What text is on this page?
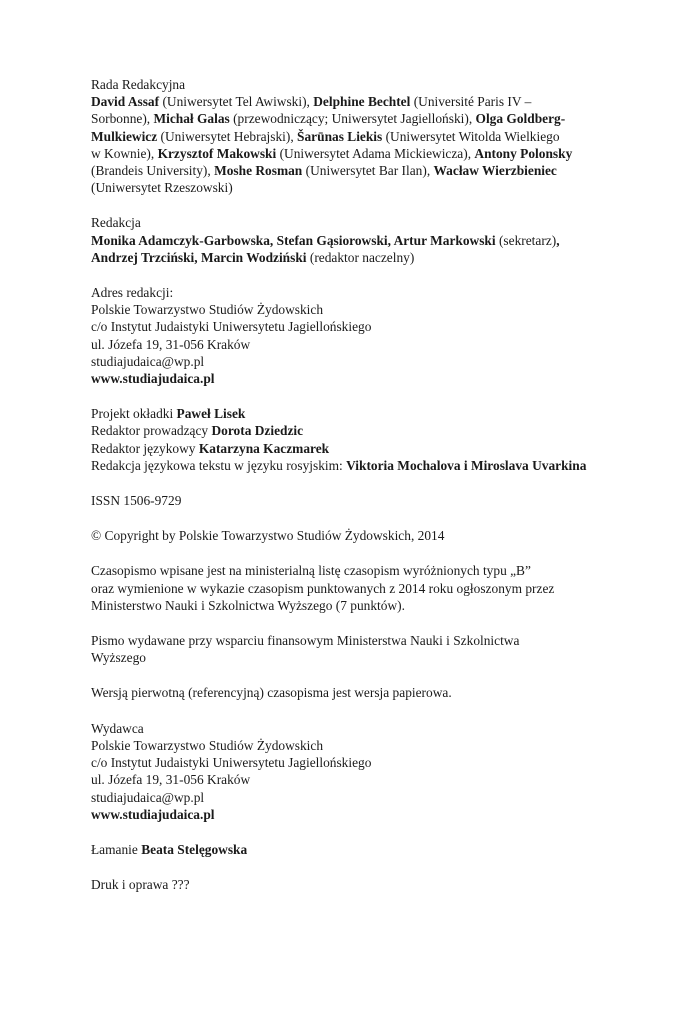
Rada Redakcyjna
David Assaf (Uniwersytet Tel Awiwski), Delphine Bechtel (Université Paris IV –
Sorbonne), Michał Galas (przewodniczący; Uniwersytet Jagielloński), Olga Goldberg-
Mulkiewicz (Uniwersytet Hebrajski), Šarūnas Liekis (Uniwersytet Witolda Wielkiego
w Kownie), Krzysztof Makowski (Uniwersytet Adama Mickiewicza), Antony Polonsky
(Brandeis University), Moshe Rosman (Uniwersytet Bar Ilan), Wacław Wierzbieniec
(Uniwersytet Rzeszowski)
Redakcja
Monika Adamczyk-Garbowska, Stefan Gąsiorowski, Artur Markowski (sekretarz),
Andrzej Trzciński, Marcin Wodziński (redaktor naczelny)
Adres redakcji:
Polskie Towarzystwo Studiów Żydowskich
c/o Instytut Judaistyki Uniwersytetu Jagiellońskiego
ul. Józefa 19, 31-056 Kraków
studiajudaica@wp.pl
www.studiajudaica.pl
Projekt okładki Paweł Lisek
Redaktor prowadzący Dorota Dziedzic
Redaktor językowy Katarzyna Kaczmarek
Redakcja językowa tekstu w języku rosyjskim: Viktoria Mochalova i Miroslava Uvarkina
ISSN 1506-9729
© Copyright by Polskie Towarzystwo Studiów Żydowskich, 2014
Czasopismo wpisane jest na ministerialną listę czasopism wyróżnionych typu „B”
oraz wymienione w wykazie czasopism punktowanych z 2014 roku ogłoszonym przez
Ministerstwo Nauki i Szkolnictwa Wyższego (7 punktów).
Pismo wydawane przy wsparciu finansowym Ministerstwa Nauki i Szkolnictwa
Wyższego
Wersją pierwotną (referencyjną) czasopisma jest wersja papierowa.
Wydawca
Polskie Towarzystwo Studiów Żydowskich
c/o Instytut Judaistyki Uniwersytetu Jagiellońskiego
ul. Józefa 19, 31-056 Kraków
studiajudaica@wp.pl
www.studiajudaica.pl
Łamanie Beata Stelęgowska
Druk i oprawa ???
